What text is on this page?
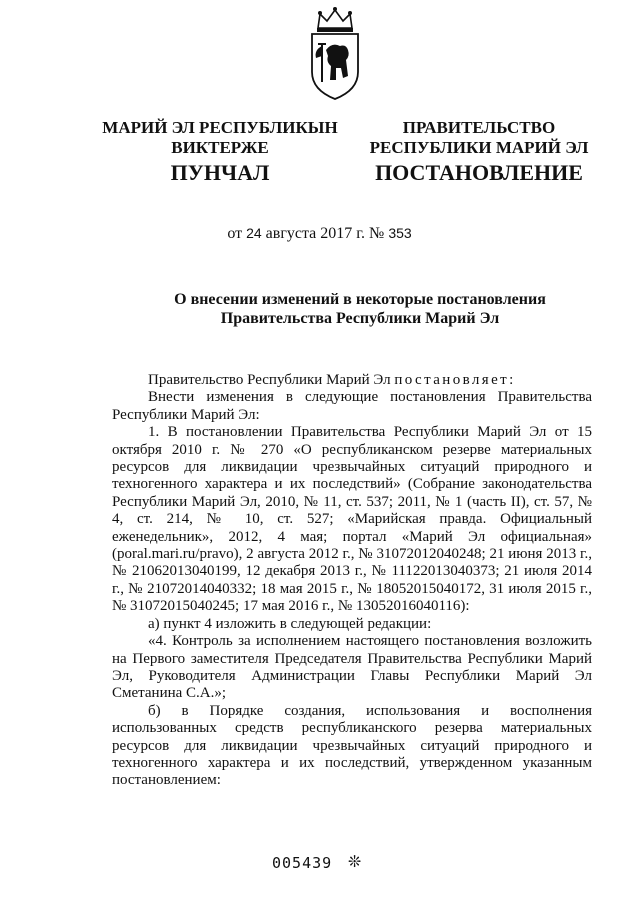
МАРИЙ ЭЛ РЕСПУБЛИКЫН
ВИКТЕРЖЕ
ПРАВИТЕЛЬСТВО
РЕСПУБЛИКИ МАРИЙ ЭЛ
ПУНЧАЛ	ПОСТАНОВЛЕНИЕ
от 24 августа 2017 г. № 353
О внесении изменений в некоторые постановления
Правительства Республики Марий Эл

Правительство Республики Марий Эл постановляет:

Внести изменения в следующие постановления Правительства Республики Марий Эл:

1. В постановлении Правительства Республики Марий Эл от 15 октября 2010 г. № 270 «О республиканском резерве материальных ресурсов для ликвидации чрезвычайных ситуаций природного и техногенного характера и их последствий» (Собрание законодательства Республики Марий Эл, 2010, № 11, ст. 537; 2011, № 1 (часть II), ст. 57, № 4, ст. 214, № 10, ст. 527; «Марийская правда. Официальный еженедельник», 2012, 4 мая; портал «Марий Эл официальная» (poral.mari.ru/pravo), 2 августа 2012 г., № 31072012040248; 21 июня 2013 г., № 21062013040199, 12 декабря 2013 г., № 11122013040373; 21 июля 2014 г., № 21072014040332; 18 мая 2015 г., № 18052015040172, 31 июля 2015 г., № 31072015040245; 17 мая 2016 г., № 13052016040116):

а) пункт 4 изложить в следующей редакции:

«4. Контроль за исполнением настоящего постановления возложить на Первого заместителя Председателя Правительства Республики Марий Эл, Руководителя Администрации Главы Республики Марий Эл Сметанина С.А.»;

б) в Порядке создания, использования и восполнения использованных средств республиканского резерва материальных ресурсов для ликвидации чрезвычайных ситуаций природного и техногенного характера и их последствий, утвержденном указанным постановлением:

005439 ❊
